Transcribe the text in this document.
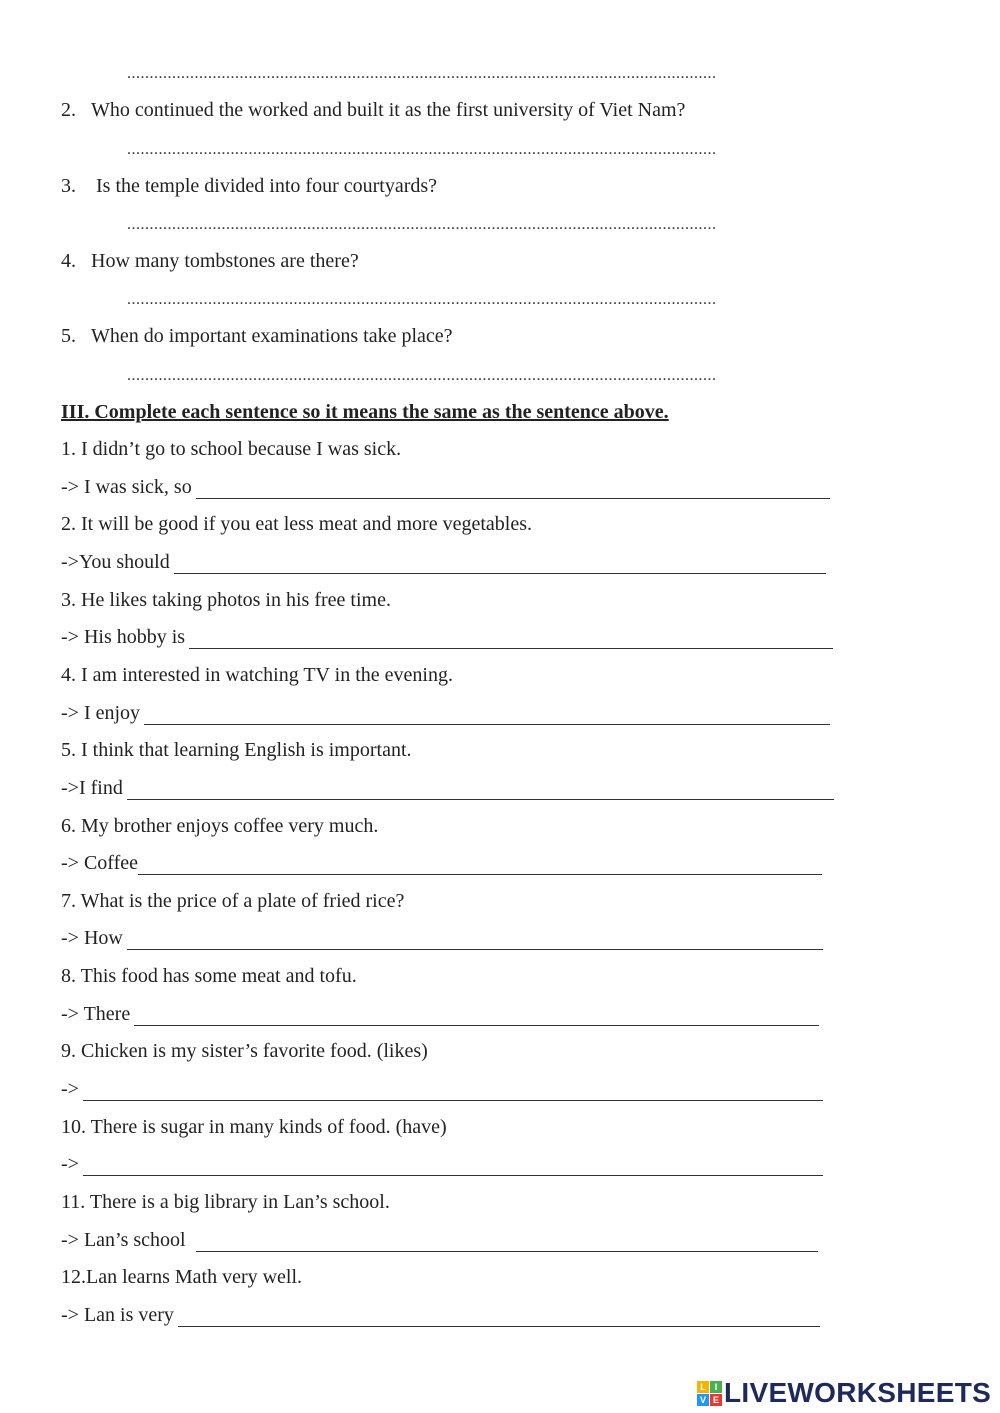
...................................................................................................................................
2. Who continued the worked and built it as the first university of Viet Nam?
...................................................................................................................................
3. Is the temple divided into four courtyards?
...................................................................................................................................
4. How many tombstones are there?
...................................................................................................................................
5. When do important examinations take place?
...................................................................................................................................
III. Complete each sentence so it means the same as the sentence above.
1. I didn’t go to school because I was sick.
-> I was sick, so
2. It will be good if you eat less meat and more vegetables.
->You should
3. He likes taking photos in his free time.
-> His hobby is
4. I am interested in watching TV in the evening.
-> I enjoy
5. I think that learning English is important.
->I find
6. My brother enjoys coffee very much.
-> Coffee
7. What is the price of a plate of fried rice?
-> How
8. This food has some meat and tofu.
-> There
9. Chicken is my sister’s favorite food. (likes)
->
10. There is sugar in many kinds of food. (have)
->
11. There is a big library in Lan’s school.
-> Lan’s school
12.Lan learns Math very well.
-> Lan is very
L I
V E LIVEWORKSHEETS
